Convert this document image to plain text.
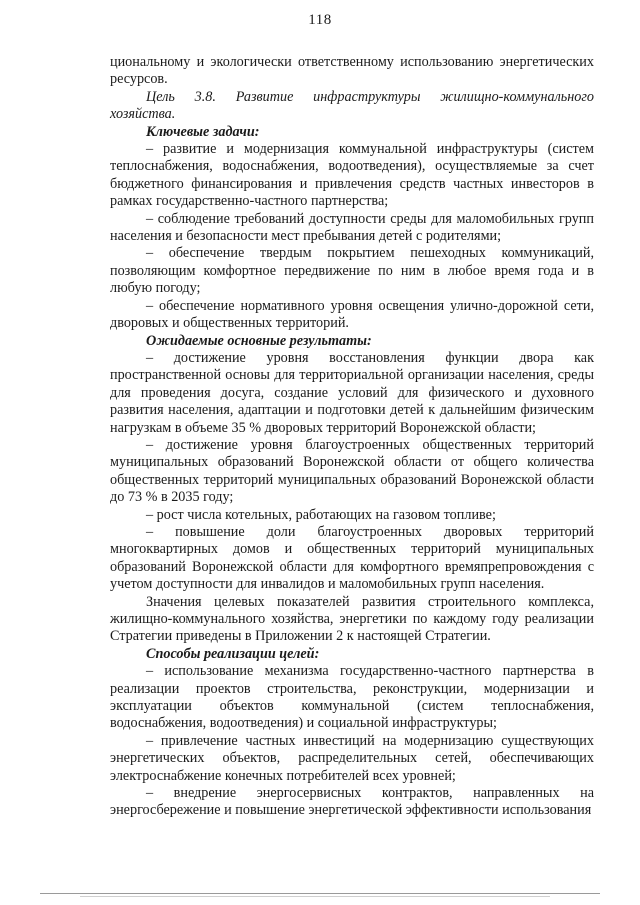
118

циональному и экологически ответственному использованию энергетических ресурсов.

Цель 3.8. Развитие инфраструктуры жилищно-коммунального хозяйства.

Ключевые задачи:

– развитие и модернизация коммунальной инфраструктуры (систем теплоснабжения, водоснабжения, водоотведения), осуществляемые за счет бюджетного финансирования и привлечения средств частных инвесторов в рамках государственно-частного партнерства;

– соблюдение требований доступности среды для маломобильных групп населения и безопасности мест пребывания детей с родителями;

– обеспечение твердым покрытием пешеходных коммуникаций, позволяющим комфортное передвижение по ним в любое время года и в любую погоду;

– обеспечение нормативного уровня освещения улично-дорожной сети, дворовых и общественных территорий.

Ожидаемые основные результаты:

– достижение уровня восстановления функции двора как пространственной основы для территориальной организации населения, среды для проведения досуга, создание условий для физического и духовного развития населения, адаптации и подготовки детей к дальнейшим физическим нагрузкам в объеме 35 % дворовых территорий Воронежской области;

– достижение уровня благоустроенных общественных территорий муниципальных образований Воронежской области от общего количества общественных территорий муниципальных образований Воронежской области до 73 % в 2035 году;

– рост числа котельных, работающих на газовом топливе;

– повышение доли благоустроенных дворовых территорий многоквартирных домов и общественных территорий муниципальных образований Воронежской области для комфортного времяпрепровождения с учетом доступности для инвалидов и маломобильных групп населения.

Значения целевых показателей развития строительного комплекса, жилищно-коммунального хозяйства, энергетики по каждому году реализации Стратегии приведены в Приложении 2 к настоящей Стратегии.

Способы реализации целей:

– использование механизма государственно-частного партнерства в реализации проектов строительства, реконструкции, модернизации и эксплуатации объектов коммунальной (систем теплоснабжения, водоснабжения, водоотведения) и социальной инфраструктуры;

– привлечение частных инвестиций на модернизацию существующих энергетических объектов, распределительных сетей, обеспечивающих электроснабжение конечных потребителей всех уровней;

– внедрение энергосервисных контрактов, направленных на энергосбережение и повышение энергетической эффективности использования
